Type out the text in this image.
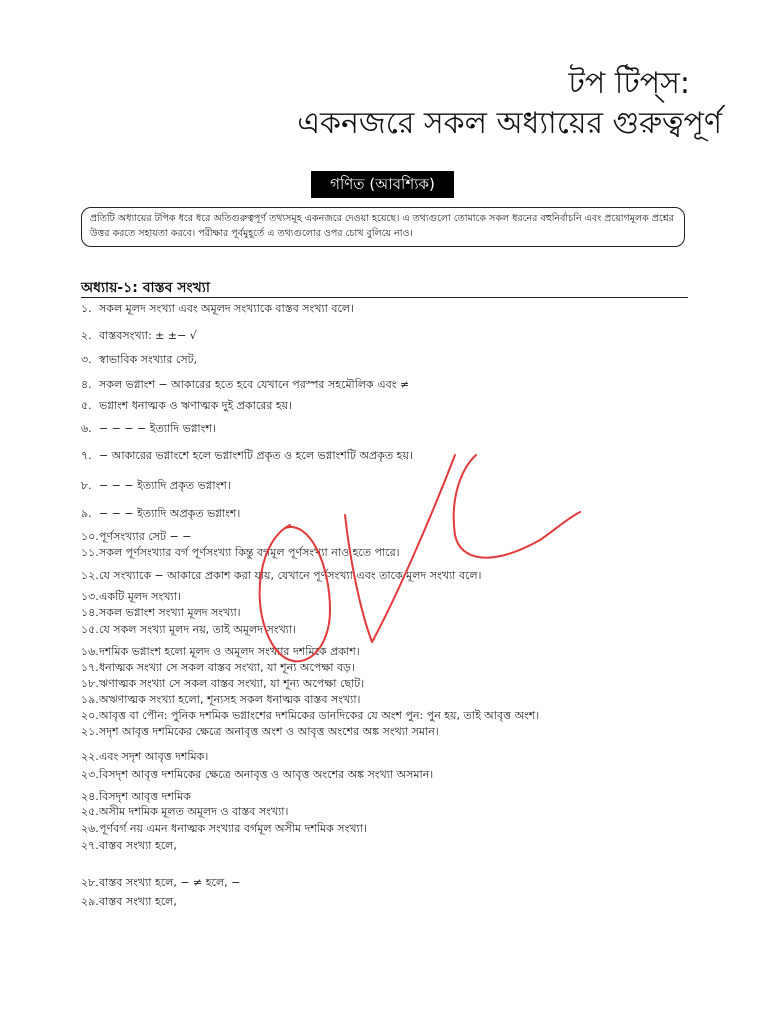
টপ টিপ্‌স:
একনজরে সকল অধ্যায়ের গুরুত্বপূর্ণ
গণিত (আবশ্যিক)
প্রতিটি অধ্যায়ের টপিক ধরে ধরে অতিগুরুত্বপূর্ণ তথ্যসমূহ একনজরে দেওয়া হয়েছে। এ তথ্যগুলো তোমাকে সকল ধরনের বহুনির্বাচনি এবং প্রয়োগমূলক প্রশ্নের উত্তর করতে সহায়তা করবে। পরীক্ষার পূর্বমুহূর্তে এ তথ্যগুলোর ওপর চোখ বুলিয়ে নাও।
অধ্যায়-১: বাস্তব সংখ্যা
১. সকল মূলদ সংখ্যা এবং অমূলদ সংখ্যাকে বাস্তব সংখ্যা বলে।
২. বাস্তবসংখ্যা: ± ±− √
৩. স্বাভাবিক সংখ্যার সেট,
৪. সকল ভগ্নাংশ − আকারের হতে হবে যেখানে পরস্পর সহমৌলিক এবং ≠
৫. ভগ্নাংশ ধনাত্মক ও ঋণাত্মক দুই প্রকারের হয়।
৬. − − − − ইত্যাদি ভগ্নাংশ।
৭. − আকারের ভগ্নাংশে হলে ভগ্নাংশটি প্রকৃত ও হলে ভগ্নাংশটি অপ্রকৃত হয়।
৮. − − − ইত্যাদি প্রকৃত ভগ্নাংশ।
৯. − − − ইত্যাদি অপ্রকৃত ভগ্নাংশ।
১০.পূর্ণসংখ্যার সেট − −
১১.সকল পূর্ণসংখ্যার বর্গ পূর্ণসংখ্যা কিন্তু বর্গমূল পূর্ণসংখ্যা নাও হতে পারে।
১২.যে সংখ্যাকে − আকারে প্রকাশ করা যায়, যেখানে পূর্ণসংখ্যা এবং তাকে মূলদ সংখ্যা বলে।
১৩.একটি মূলদ সংখ্যা।
১৪.সকল ভগ্নাংশ সংখ্যা মূলদ সংখ্যা।
১৫.যে সকল সংখ্যা মূলদ নয়, তাই অমূলদ সংখ্যা।
১৬.দশমিক ভগ্নাংশ হলো মূলদ ও অমূলদ সংখ্যার দশমিকে প্রকাশ।
১৭.ধনাত্মক সংখ্যা সে সকল বাস্তব সংখ্যা, যা শূন্য অপেক্ষা বড়।
১৮.ঋণাত্মক সংখ্যা সে সকল বাস্তব সংখ্যা, যা শূন্য অপেক্ষা ছোট।
১৯.অঋণাত্মক সংখ্যা হলো, শূন্যসহ সকল ধনাত্মক বাস্তব সংখ্যা।
২০.আবৃত্ত বা পৌন: পুনিক দশমিক ভগ্নাংশের দশমিকের ডানদিকের যে অংশ পুন: পুন হয়, তাই আবৃত্ত অংশ।
২১.সদৃশ আবৃত্ত দশমিকের ক্ষেত্রে অনাবৃত্ত অংশ ও আবৃত্ত অংশের অঙ্ক সংখ্যা সমান।
২২.এবং সদৃশ আবৃত্ত দশমিক।
২৩.বিসদৃশ আবৃত্ত দশমিকের ক্ষেত্রে অনাবৃত্ত ও আবৃত্ত অংশের অঙ্ক সংখ্যা অসমান।
২৪.বিসদৃশ আবৃত্ত দশমিক
২৫.অসীম দশমিক মূলত অমূলদ ও বাস্তব সংখ্যা।
২৬.পূর্ণবর্গ নয় এমন ধনাত্মক সংখ্যার বর্গমূল অসীম দশমিক সংখ্যা।
২৭.বাস্তব সংখ্যা হলে,
২৮.বাস্তব সংখ্যা হলে, − ≠ হলে, −
২৯.বাস্তব সংখ্যা হলে,
